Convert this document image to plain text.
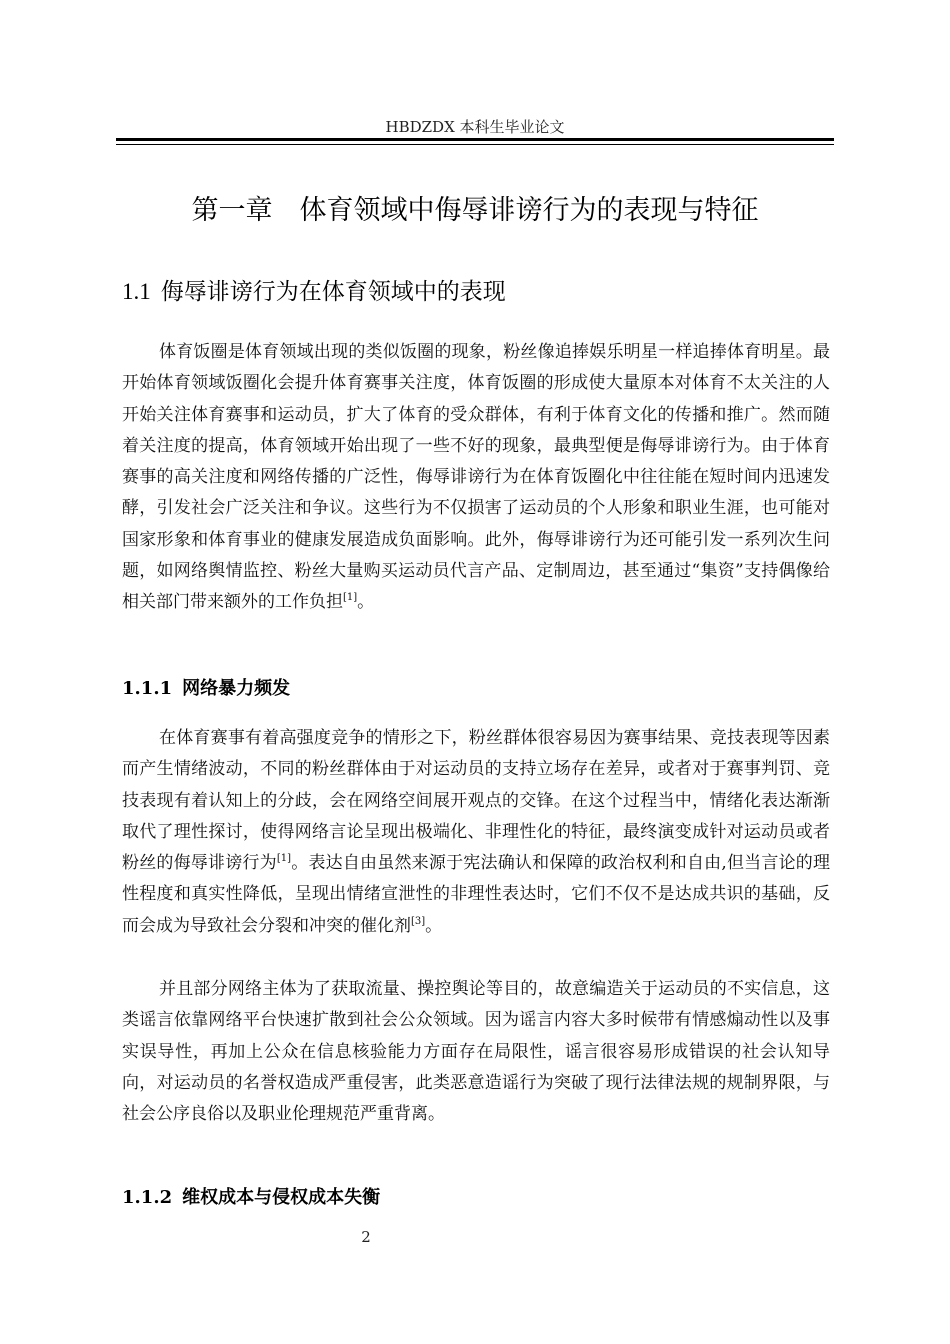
HBDZDX 本科生毕业论文
第一章　体育领域中侮辱诽谤行为的表现与特征
1.1 侮辱诽谤行为在体育领域中的表现

体育饭圈是体育领域出现的类似饭圈的现象，粉丝像追捧娱乐明星一样追捧体育明星。最开始体育领域饭圈化会提升体育赛事关注度，体育饭圈的形成使大量原本对体育不太关注的人开始关注体育赛事和运动员，扩大了体育的受众群体，有利于体育文化的传播和推广。然而随着关注度的提高，体育领域开始出现了一些不好的现象，最典型便是侮辱诽谤行为。由于体育赛事的高关注度和网络传播的广泛性，侮辱诽谤行为在体育饭圈化中往往能在短时间内迅速发酵，引发社会广泛关注和争议。这些行为不仅损害了运动员的个人形象和职业生涯，也可能对国家形象和体育事业的健康发展造成负面影响。此外，侮辱诽谤行为还可能引发一系列次生问题，如网络舆情监控、粉丝大量购买运动员代言产品、定制周边，甚至通过“集资”支持偶像给相关部门带来额外的工作负担[1]。

1.1.1 网络暴力频发

在体育赛事有着高强度竞争的情形之下，粉丝群体很容易因为赛事结果、竞技表现等因素而产生情绪波动，不同的粉丝群体由于对运动员的支持立场存在差异，或者对于赛事判罚、竞技表现有着认知上的分歧，会在网络空间展开观点的交锋。在这个过程当中，情绪化表达渐渐取代了理性探讨，使得网络言论呈现出极端化、非理性化的特征，最终演变成针对运动员或者粉丝的侮辱诽谤行为[1]。表达自由虽然来源于宪法确认和保障的政治权利和自由,但当言论的理性程度和真实性降低，呈现出情绪宣泄性的非理性表达时，它们不仅不是达成共识的基础，反而会成为导致社会分裂和冲突的催化剂[3]。

并且部分网络主体为了获取流量、操控舆论等目的，故意编造关于运动员的不实信息，这类谣言依靠网络平台快速扩散到社会公众领域。因为谣言内容大多时候带有情感煽动性以及事实误导性，再加上公众在信息核验能力方面存在局限性，谣言很容易形成错误的社会认知导向，对运动员的名誉权造成严重侵害，此类恶意造谣行为突破了现行法律法规的规制界限，与社会公序良俗以及职业伦理规范严重背离。

1.1.2 维权成本与侵权成本失衡
2
